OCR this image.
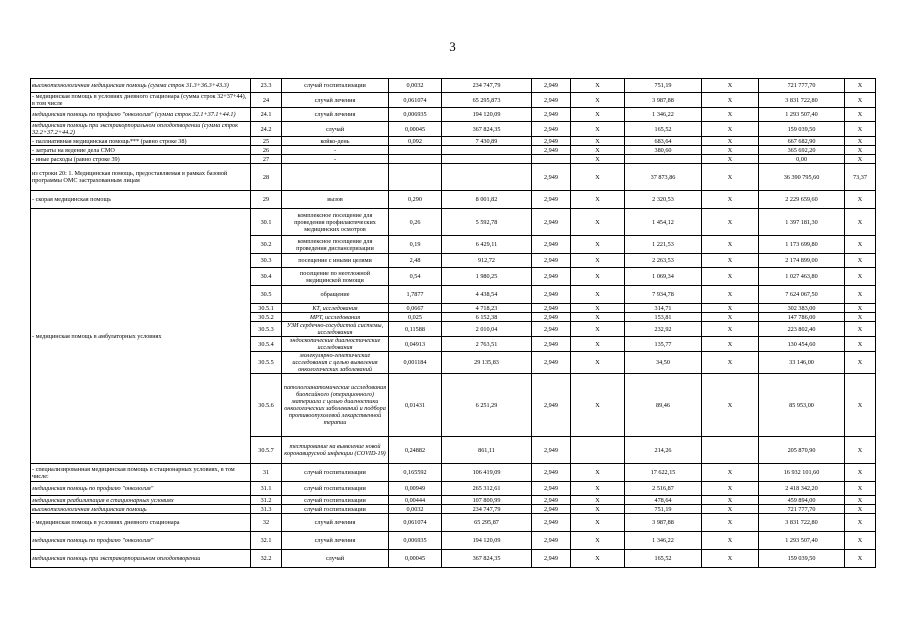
3
высокотехнологичная медицинская помощь (сумма строк 31.3+36.3+43.3)	23.3	случай госпитализации	0,0032	234 747,79	2,949	X	751,19	X	721 777,70	X
- медицинская помощь в условиях дневного стационара (сумма строк 32+37+44), в том числе	24	случай лечения	0,061074	65 295,873	2,949	X	3 987,88	X	3 831 722,80	X
медицинская помощь по профилю "онкология" (сумма строк 32.1+37.1+44.1)	24.1	случай лечения	0,006935	194 120,09	2,949	X	1 346,22	X	1 293 507,40	X
медицинская помощь при экстракорпоральном оплодотворении (сумма строк 32.2+37.2+44.2)	24.2	случай	0,00045	367 824,35	2,949	X	165,52	X	159 039,50	X
- паллиативная медицинская помощь*** (равно строке 38)	25	койко-день	0,092	7 430,89	2,949	X	683,64	X	667 682,90	X
- затраты на ведение дела СМО	26	-			2,949	X	380,60	X	365 692,20	X
- иные расходы (равно строке 39)	27	-				X		X	0,00	X
из строки 20: 1. Медицинская помощь, предоставляемая в рамках базовой программы ОМС застрахованным лицам	28				2,949	X	37 873,86	X	36 390 795,60	73,37
- скорая медицинская помощь	29	вызов	0,290	8 001,82	2,949	X	2 320,53	X	2 229 659,60	X
- медицинская помощь в амбулаторных условиях	30.1	комплексное посещение для проведения профилактических медицинских осмотров	0,26	5 592,78	2,949	X	1 454,12	X	1 397 181,30	X
	30.2	комплексное посещение для проведения диспансеризации	0,19	6 429,11	2,949	X	1 221,53	X	1 173 699,80	X
	30.3	посещение с иными целями	2,48	912,72	2,949	X	2 263,53	X	2 174 899,00	X
	30.4	посещение по неотложной медицинской помощи	0,54	1 980,25	2,949	X	1 069,34	X	1 027 463,80	X
	30.5	обращение	1,7877	4 438,54	2,949	X	7 934,78	X	7 624 067,50	X
	30.5.1	КТ, исследования	0,0667	4 718,23	2,949	X	314,71	X	302 383,00	X
	30.5.2	МРТ, исследования	0,025	6 152,38	2,949	X	153,81	X	147 786,00	X
	30.5.3	УЗИ сердечно-сосудистой системы, исследования	0,11588	2 010,04	2,949	X	232,92	X	223 802,40	X
	30.5.4	эндоскопические диагностические исследования	0,04913	2 763,51	2,949	X	135,77	X	130 454,60	X
	30.5.5	молекулярно-генетические исследования с целью выявления онкологических заболеваний	0,001184	29 135,83	2,949	X	34,50	X	33 146,00	X
	30.5.6	патологоанатомические исследования биопсийного (операционного) материала с целью диагностики онкологических заболеваний и подбора противоопухолевой лекарственной терапии	0,01431	6 251,29	2,949	X	89,46	X	85 953,00	X
	30.5.7	тестирование на выявление новой коронавирусной инфекции (COVID-19)	0,24882	861,11	2,949		214,26		205 870,90	X
- специализированная медицинская помощь в стационарных условиях, в том числе:	31	случай госпитализации	0,165592	106 419,09	2,949	X	17 622,15	X	16 932 101,60	X
медицинская помощь по профилю "онкология"	31.1	случай госпитализации	0,00949	265 312,61	2,949	X	2 516,87	X	2 418 342,20	X
медицинская реабилитация в стационарных условиях	31.2	случай госпитализации	0,00444	107 800,99	2,949	X	478,64	X	459 894,00	X
высокотехнологичная медицинская помощь	31.3	случай госпитализации	0,0032	234 747,79	2,949	X	751,19	X	721 777,70	X
- медицинская помощь в условиях дневного стационара	32	случай лечения	0,061074	65 295,87	2,949	X	3 987,88	X	3 831 722,80	X
медицинская помощь по профилю "онкология"	32.1	случай лечения	0,006935	194 120,09	2,949	X	1 346,22	X	1 293 507,40	X
медицинская помощь при экстракорпоральном оплодотворении	32.2	случай	0,00045	367 824,35	2,949	X	165,52	X	159 039,50	X
